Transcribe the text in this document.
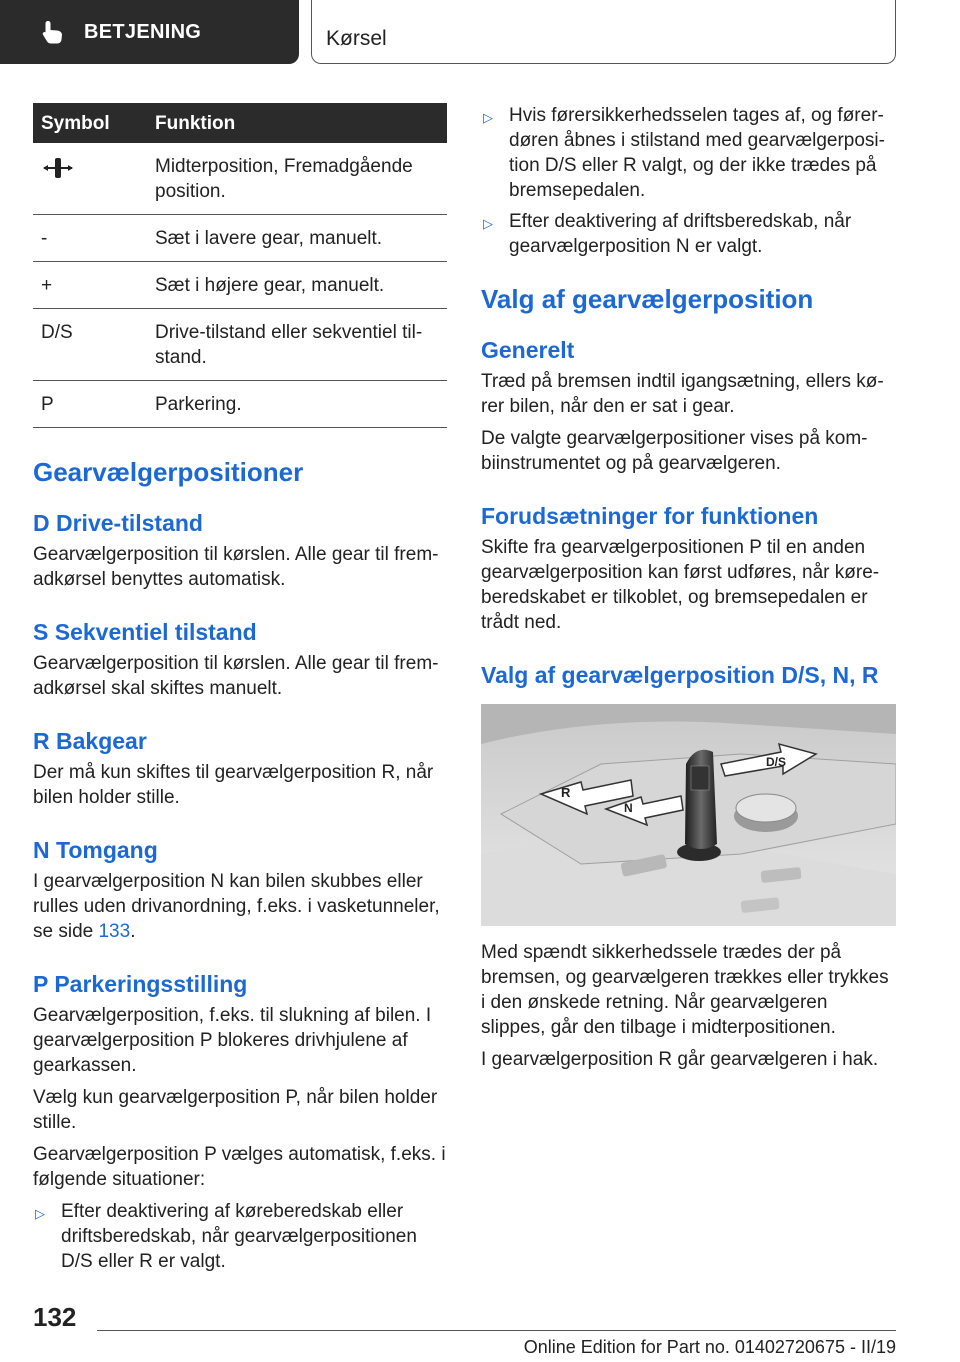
BETJENING	Kørsel
Symbol	Funktion
	Midterposition, Fremadgående position.
-	Sæt i lavere gear, manuelt.
+	Sæt i højere gear, manuelt.
D/S	Drive-tilstand eller sekventiel til-stand.
P	Parkering.
Gearvælgerpositioner
D Drive-tilstand

Gearvælgerposition til kørslen. Alle gear til frem-adkørsel benyttes automatisk.

S Sekventiel tilstand

Gearvælgerposition til kørslen. Alle gear til frem-adkørsel skal skiftes manuelt.

R Bakgear

Der må kun skiftes til gearvælgerposition R, når bilen holder stille.

N Tomgang

I gearvælgerposition N kan bilen skubbes eller rulles uden drivanordning, f.eks. i vasketunneler, se side 133.

P Parkeringsstilling

Gearvælgerposition, f.eks. til slukning af bilen. I gearvælgerposition P blokeres drivhjulene af gearkassen.

Vælg kun gearvælgerposition P, når bilen holder stille.

Gearvælgerposition P vælges automatisk, f.eks. i følgende situationer:

▷ Efter deaktivering af køreberedskab eller driftsberedskab, når gearvælgerpositionen D/S eller R er valgt.
▷ Hvis førersikkerhedsselen tages af, og fører-døren åbnes i stilstand med gearvælgerposi-tion D/S eller R valgt, og der ikke trædes på bremsepedalen.
▷ Efter deaktivering af driftsberedskab, når gearvælgerposition N er valgt.
Valg af gearvælgerposition
Generelt

Træd på bremsen indtil igangsætning, ellers kø-rer bilen, når den er sat i gear.

De valgte gearvælgerpositioner vises på kom-biinstrumentet og på gearvælgeren.

Forudsætninger for funktionen

Skifte fra gearvælgerpositionen P til en anden gearvælgerposition kan først udføres, når køre-beredskabet er tilkoblet, og bremsepedalen er trådt ned.

Valg af gearvælgerposition D/S, N, R
R
N
D/S

Med spændt sikkerhedssele trædes der på bremsen, og gearvælgeren trækkes eller trykkes i den ønskede retning. Når gearvælgeren slippes, går den tilbage i midterpositionen.

I gearvælgerposition R går gearvælgeren i hak.

132
Online Edition for Part no. 01402720675 - II/19
